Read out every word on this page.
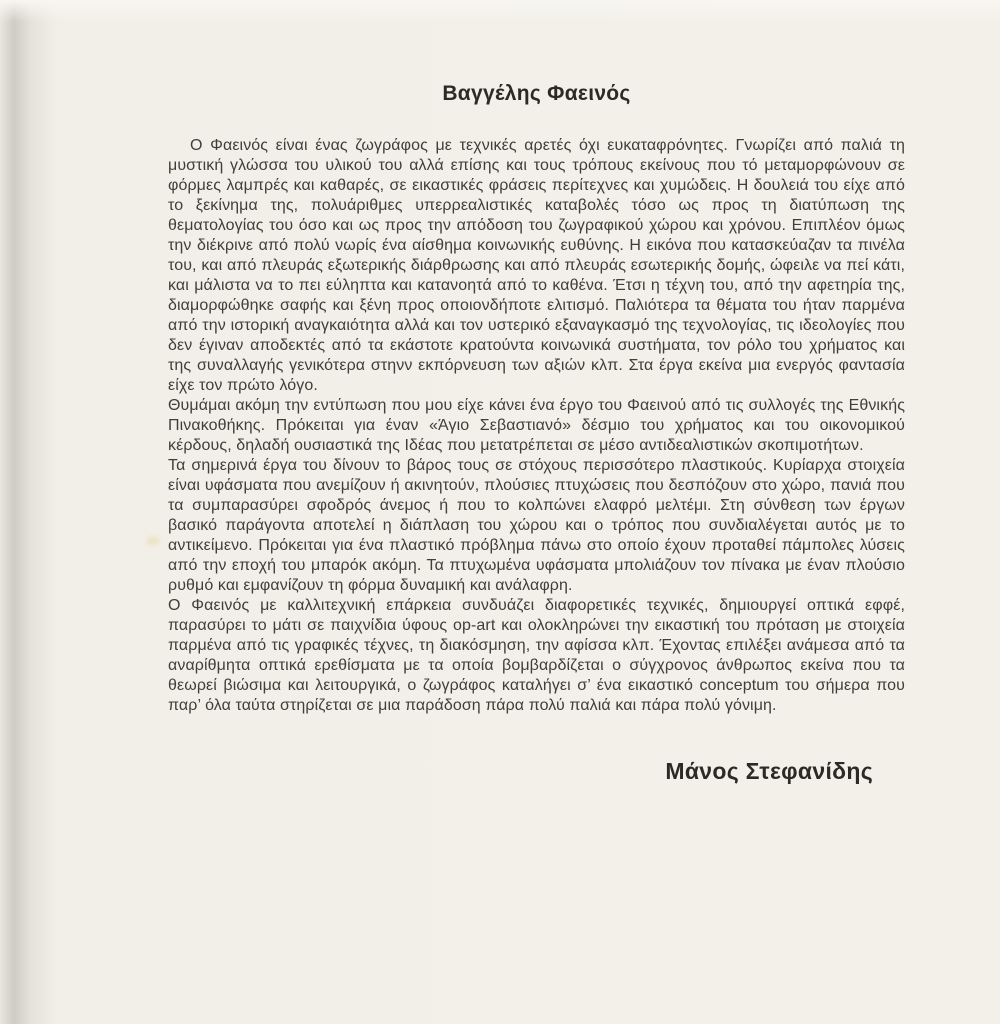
Βαγγέλης Φαεινός

Ο Φαεινός είναι ένας ζωγράφος με τεχνικές αρετές όχι ευκαταφρόνητες. Γνωρίζει από παλιά τη μυστική γλώσσα του υλικού του αλλά επίσης και τους τρόπους εκείνους που τό μεταμορφώνουν σε φόρμες λαμπρές και καθαρές, σε εικαστικές φράσεις περίτεχνες και χυμώδεις. Η δουλειά του είχε από το ξεκίνημα της, πολυάριθμες υπερρεαλιστικές καταβολές τόσο ως προς τη διατύπωση της θεματολογίας του όσο και ως προς την απόδοση του ζωγραφικού χώρου και χρόνου. Επιπλέον όμως την διέκρινε από πολύ νωρίς ένα αίσθημα κοινωνικής ευθύνης. Η εικόνα που κατασκεύαζαν τα πινέλα του, και από πλευράς εξωτερικής διάρθρωσης και από πλευράς εσωτερικής δομής, ώφειλε να πεί κάτι, και μάλιστα να το πει εύληπτα και κατανοητά από το καθένα. Έτσι η τέχνη του, από την αφετηρία της, διαμορφώθηκε σαφής και ξένη προς οποιονδήποτε ελιτισμό. Παλιότερα τα θέματα του ήταν παρμένα από την ιστορική αναγκαιότητα αλλά και τον υστερικό εξαναγκασμό της τεχνολογίας, τις ιδεολογίες που δεν έγιναν αποδεκτές από τα εκάστοτε κρατούντα κοινωνικά συστήματα, τον ρόλο του χρήματος και της συναλλαγής γενικότερα στηνν εκπόρνευση των αξιών κλπ. Στα έργα εκείνα μια ενεργός φαντασία είχε τον πρώτο λόγο.

Θυμάμαι ακόμη την εντύπωση που μου είχε κάνει ένα έργο του Φαεινού από τις συλλογές της Εθνικής Πινακοθήκης. Πρόκειται για έναν «Άγιο Σεβαστιανό» δέσμιο του χρήματος και του οικονομικού κέρδους, δηλαδή ουσιαστικά της Ιδέας που μετατρέπεται σε μέσο αντιδεαλιστικών σκοπιμοτήτων.

Τα σημερινά έργα του δίνουν το βάρος τους σε στόχους περισσότερο πλαστικούς. Κυρίαρχα στοιχεία είναι υφάσματα που ανεμίζουν ή ακινητούν, πλούσιες πτυχώσεις που δεσπόζουν στο χώρο, πανιά που τα συμπαρασύρει σφοδρός άνεμος ή που το κολπώνει ελαφρό μελτέμι. Στη σύνθεση των έργων βασικό παράγοντα αποτελεί η διάπλαση του χώρου και ο τρόπος που συνδιαλέγεται αυτός με το αντικείμενο. Πρόκειται για ένα πλαστικό πρόβλημα πάνω στο οποίο έχουν προταθεί πάμπολες λύσεις από την εποχή του μπαρόκ ακόμη. Τα πτυχωμένα υφάσματα μπολιάζουν τον πίνακα με έναν πλούσιο ρυθμό και εμφανίζουν τη φόρμα δυναμική και ανάλαφρη.

Ο Φαεινός με καλλιτεχνική επάρκεια συνδυάζει διαφορετικές τεχνικές, δημιουργεί οπτικά εφφέ, παρασύρει το μάτι σε παιχνίδια ύφους op-art και ολοκληρώνει την εικαστική του πρόταση με στοιχεία παρμένα από τις γραφικές τέχνες, τη διακόσμηση, την αφίσσα κλπ. Έχοντας επιλέξει ανάμεσα από τα αναρίθμητα οπτικά ερεθίσματα με τα οποία βομβαρδίζεται ο σύγχρονος άνθρωπος εκείνα που τα θεωρεί βιώσιμα και λειτουργικά, ο ζωγράφος καταλήγει σ’ ένα εικαστικό conceptum του σήμερα που παρ’ όλα ταύτα στηρίζεται σε μια παράδοση πάρα πολύ παλιά και πάρα πολύ γόνιμη.

Μάνος Στεφανίδης
